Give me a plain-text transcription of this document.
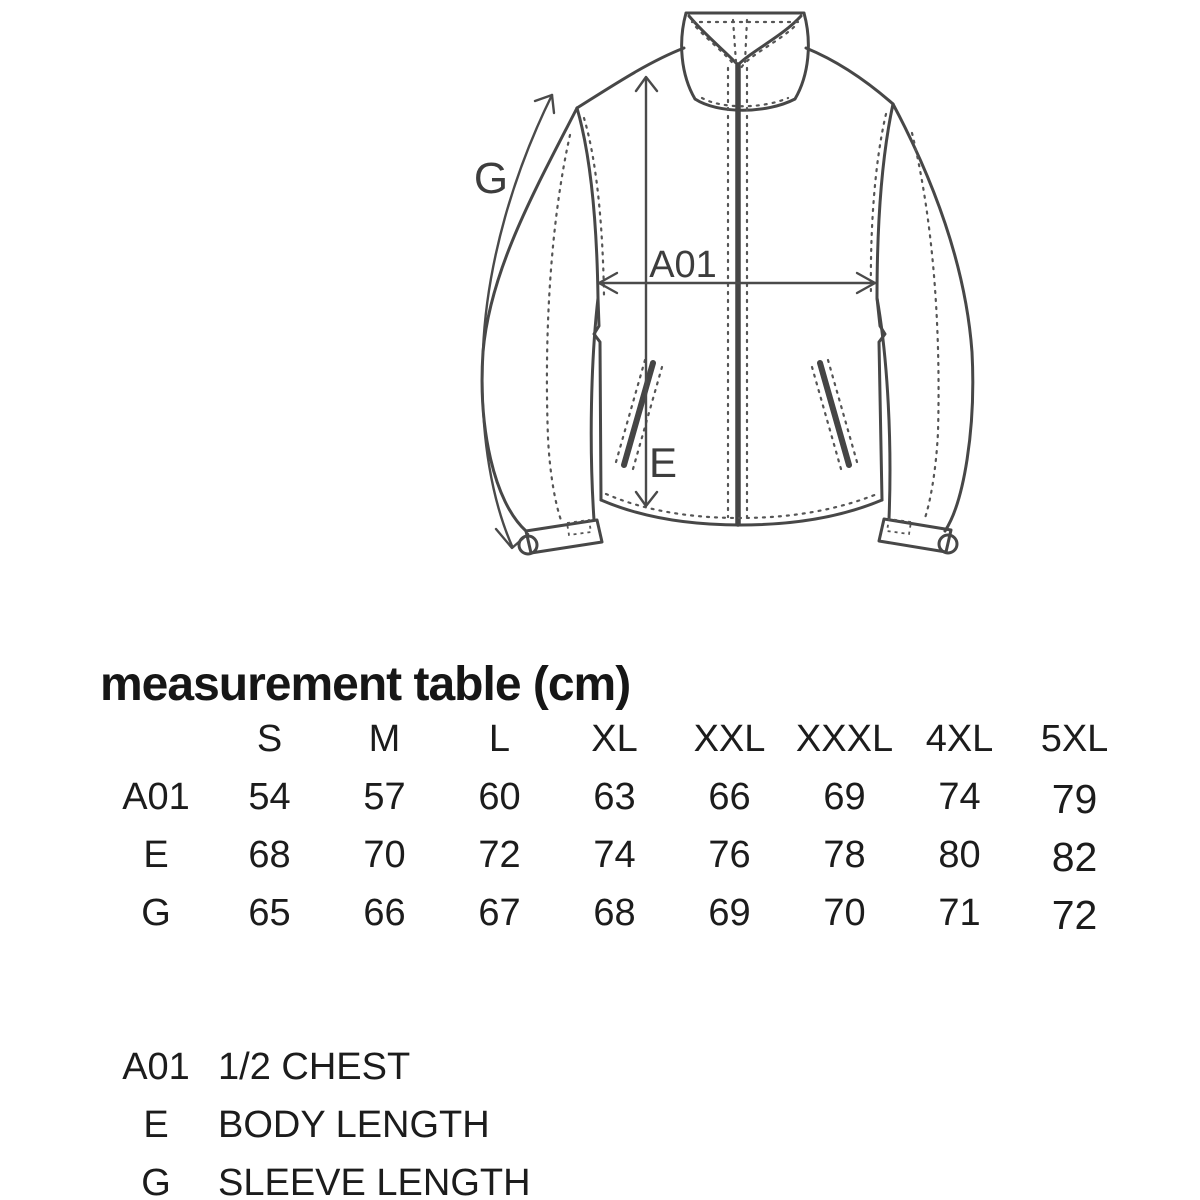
G
A01
E
measurement table (cm)
	S	M	L	XL	XXL	XXXL	4XL	5XL
A01	54	57	60	63	66	69	74	79
E	68	70	72	74	76	78	80	82
G	65	66	67	68	69	70	71	72
A01 1/2 CHEST
E	BODY LENGTH
G	SLEEVE LENGTH
